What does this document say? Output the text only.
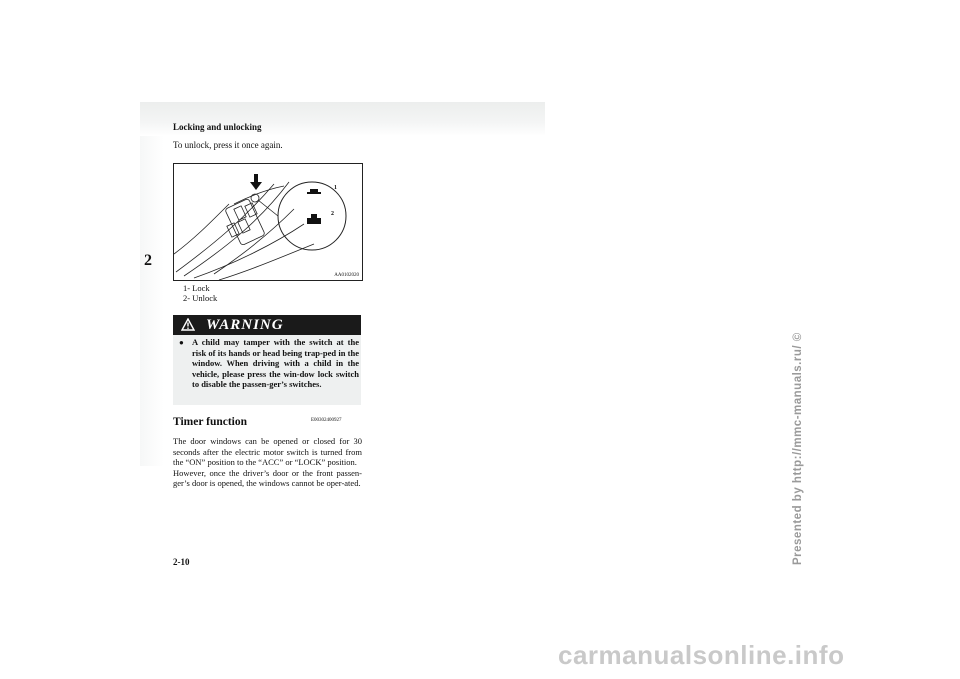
Locking and unlocking
2
To unlock, press it once again.
1
2
AA0102020
1- Lock
2- Unlock
WARNING
● A child may tamper with the switch at the risk of its hands or head being trap-ped in the window. When driving with a child in the vehicle, please press the win-dow lock switch to disable the passen-ger’s switches.
Timer function	E00302400927

The door windows can be opened or closed for 30 seconds after the electric motor switch is turned from the “ON” position to the “ACC” or “LOCK” position.

However, once the driver’s door or the front passen-ger’s door is opened, the windows cannot be oper-ated.

2-10	Presented by http://mmc-manuals.ru/ ©
carmanualsonline.info
